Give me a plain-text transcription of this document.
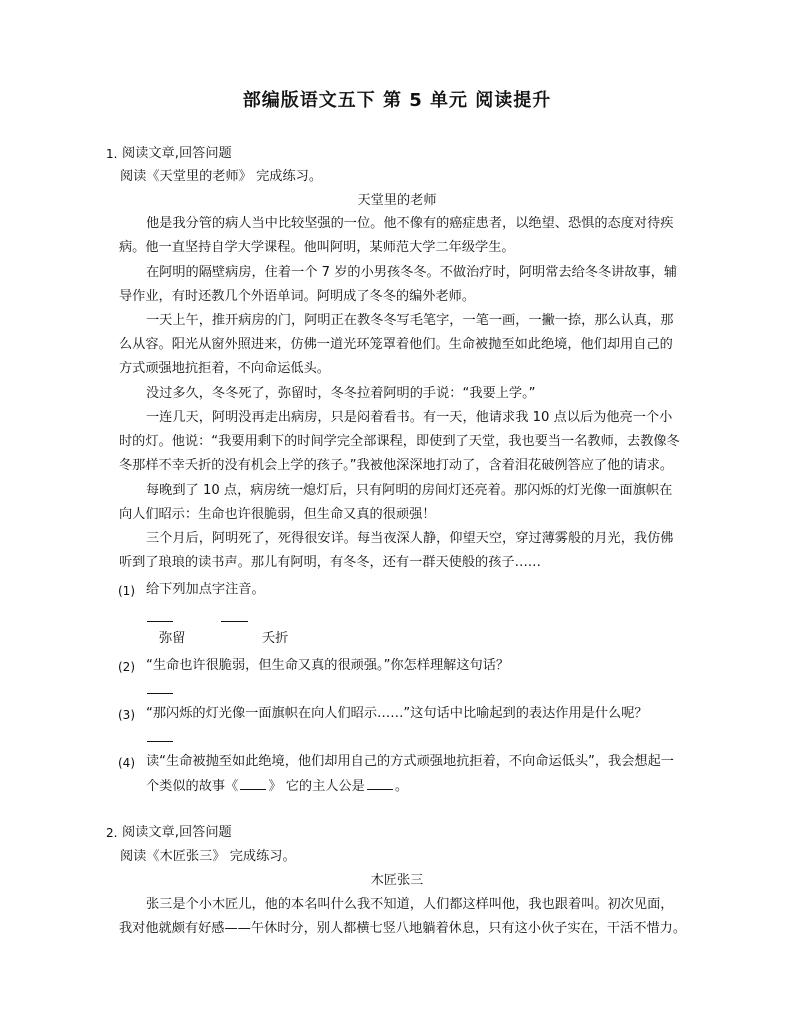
部编版语文五下 第 5 单元 阅读提升
1. 阅读文章,回答问题
阅读《天堂里的老师》 完成练习。
天堂里的老师
他是我分管的病人当中比较坚强的一位。他不像有的癌症患者，以绝望、恐惧的态度对待疾
病。他一直坚持自学大学课程。他叫阿明，某师范大学二年级学生。
在阿明的隔壁病房，住着一个 7 岁的小男孩冬冬。不做治疗时，阿明常去给冬冬讲故事，辅
导作业，有时还教几个外语单词。阿明成了冬冬的编外老师。
一天上午，推开病房的门，阿明正在教冬冬写毛笔字，一笔一画，一撇一捺，那么认真，那
么从容。阳光从窗外照进来，仿佛一道光环笼罩着他们。生命被抛至如此绝境，他们却用自己的
方式顽强地抗拒着，不向命运低头。
没过多久，冬冬死了，弥留时，冬冬拉着阿明的手说：“我要上学。”
一连几天，阿明没再走出病房，只是闷着看书。有一天，他请求我 10 点以后为他亮一个小
时的灯。他说：“我要用剩下的时间学完全部课程，即使到了天堂，我也要当一名教师，去教像冬
冬那样不幸夭折的没有机会上学的孩子。”我被他深深地打动了，含着泪花破例答应了他的请求。
每晚到了 10 点，病房统一熄灯后，只有阿明的房间灯还亮着。那闪烁的灯光像一面旗帜在
向人们昭示：生命也许很脆弱，但生命又真的很顽强！
三个月后，阿明死了，死得很安详。每当夜深人静，仰望天空，穿过薄雾般的月光，我仿佛
听到了琅琅的读书声。那儿有阿明，有冬冬，还有一群天使般的孩子……
(1) 给下列加点字注音。
弥留	夭折
(2) “生命也许很脆弱，但生命又真的很顽强。”你怎样理解这句话？
(3) “那闪烁的灯光像一面旗帜在向人们昭示……”这句话中比喻起到的表达作用是什么呢？
(4) 读“生命被抛至如此绝境，他们却用自己的方式顽强地抗拒着，不向命运低头”，我会想起一
个类似的故事《 》 它的主人公是 。
2. 阅读文章,回答问题
阅读《木匠张三》 完成练习。
木匠张三
张三是个小木匠儿，他的本名叫什么我不知道，人们都这样叫他，我也跟着叫。初次见面，
我对他就颇有好感——午休时分，别人都横七竖八地躺着休息，只有这小伙子实在，干活不惜力。
